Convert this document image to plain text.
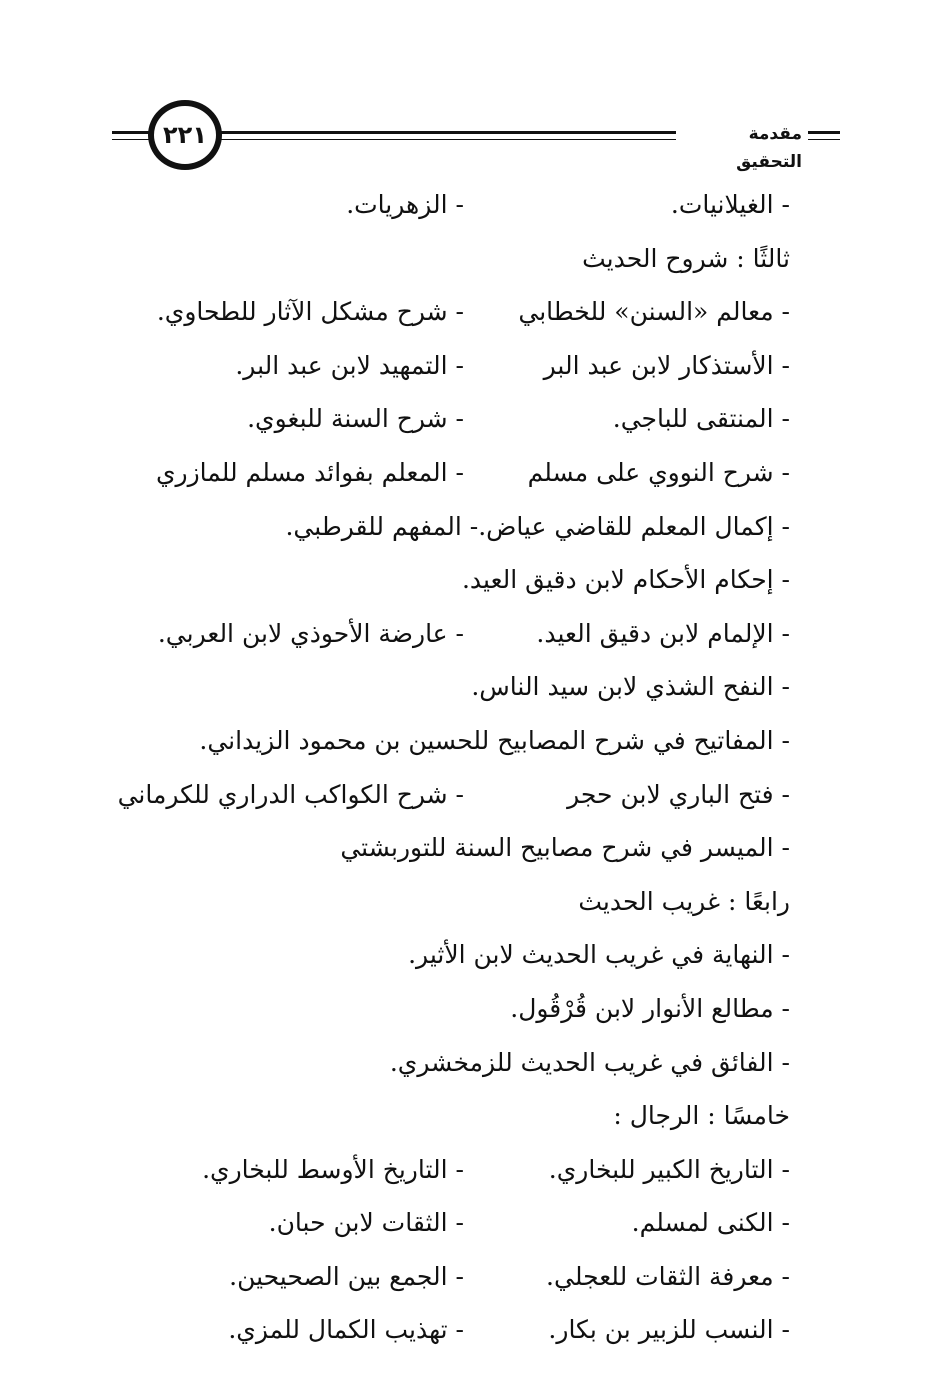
مقدمة التحقيق
٢٢١
- الغيلانيات.
- الزهريات.
ثالثًا : شروح الحديث
- معالم «السنن» للخطابي
- شرح مشكل الآثار للطحاوي.
- الأستذكار لابن عبد البر
- التمهيد لابن عبد البر.
- المنتقى للباجي.
- شرح السنة للبغوي.
- شرح النووي على مسلم
- المعلم بفوائد مسلم للمازري
- إكمال المعلم للقاضي عياض.- المفهم للقرطبي.
- إحكام الأحكام لابن دقيق العيد.
- الإلمام لابن دقيق العيد.
- عارضة الأحوذي لابن العربي.
- النفح الشذي لابن سيد الناس.
- المفاتيح في شرح المصابيح للحسين بن محمود الزيداني.
- فتح الباري لابن حجر
- شرح الكواكب الدراري للكرماني
- الميسر في شرح مصابيح السنة للتوربشتي
رابعًا : غريب الحديث
- النهاية في غريب الحديث لابن الأثير.
- مطالع الأنوار لابن قُرْقُول.
- الفائق في غريب الحديث للزمخشري.
خامسًا : الرجال :
- التاريخ الكبير للبخاري.
- التاريخ الأوسط للبخاري.
- الكنى لمسلم.
- الثقات لابن حبان.
- معرفة الثقات للعجلي.
- الجمع بين الصحيحين.
- النسب للزبير بن بكار.
- تهذيب الكمال للمزي.
